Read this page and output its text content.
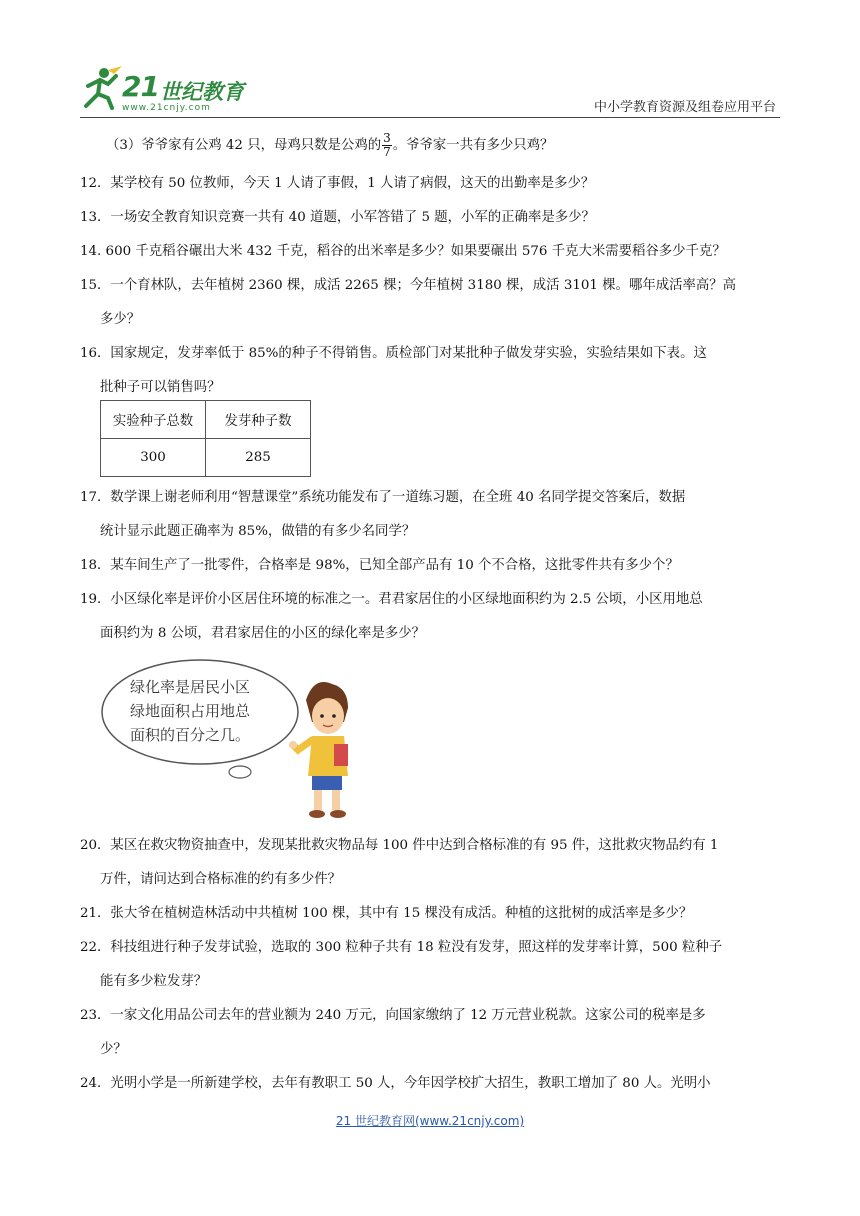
21 世纪教育
www.21cnjy.com	中小学教育资源及组卷应用平台
（3）爷爷家有公鸡 42 只，母鸡只数是公鸡的 $\frac{3}{7}$ 。爷爷家一共有多少只鸡？
12．某学校有 50 位教师，今天 1 人请了事假，1 人请了病假，这天的出勤率是多少？
13．一场安全教育知识竞赛一共有 40 道题，小军答错了 5 题，小军的正确率是多少？
14. 600 千克稻谷碾出大米 432 千克，稻谷的出米率是多少？如果要碾出 576 千克大米需要稻谷多少千克？
15．一个育林队，去年植树 2360 棵，成活 2265 棵；今年植树 3180 棵，成活 3101 棵。哪年成活率高？高
多少？
16．国家规定，发芽率低于 85%的种子不得销售。质检部门对某批种子做发芽实验，实验结果如下表。这
批种子可以销售吗？
实验种子总数	发芽种子数
300	285
17．数学课上谢老师利用“智慧课堂”系统功能发布了一道练习题，在全班 40 名同学提交答案后，数据
统计显示此题正确率为 85%，做错的有多少名同学？
18．某车间生产了一批零件，合格率是 98%，已知全部产品有 10 个不合格，这批零件共有多少个？
19．小区绿化率是评价小区居住环境的标准之一。君君家居住的小区绿地面积约为 2.5 公顷，小区用地总
面积约为 8 公顷，君君家居住的小区的绿化率是多少？
绿化率是居民小区
绿地面积占用地总
面积的百分之几。
20．某区在救灾物资抽查中，发现某批救灾物品每 100 件中达到合格标准的有 95 件，这批救灾物品约有 1
万件，请问达到合格标准的约有多少件？
21．张大爷在植树造林活动中共植树 100 棵，其中有 15 棵没有成活。种植的这批树的成活率是多少？
22．科技组进行种子发芽试验，选取的 300 粒种子共有 18 粒没有发芽，照这样的发芽率计算，500 粒种子
能有多少粒发芽？
23．一家文化用品公司去年的营业额为 240 万元，向国家缴纳了 12 万元营业税款。这家公司的税率是多
少？
24．光明小学是一所新建学校，去年有教职工 50 人，今年因学校扩大招生，教职工增加了 80 人。光明小
21 世纪教育网(www.21cnjy.com)
